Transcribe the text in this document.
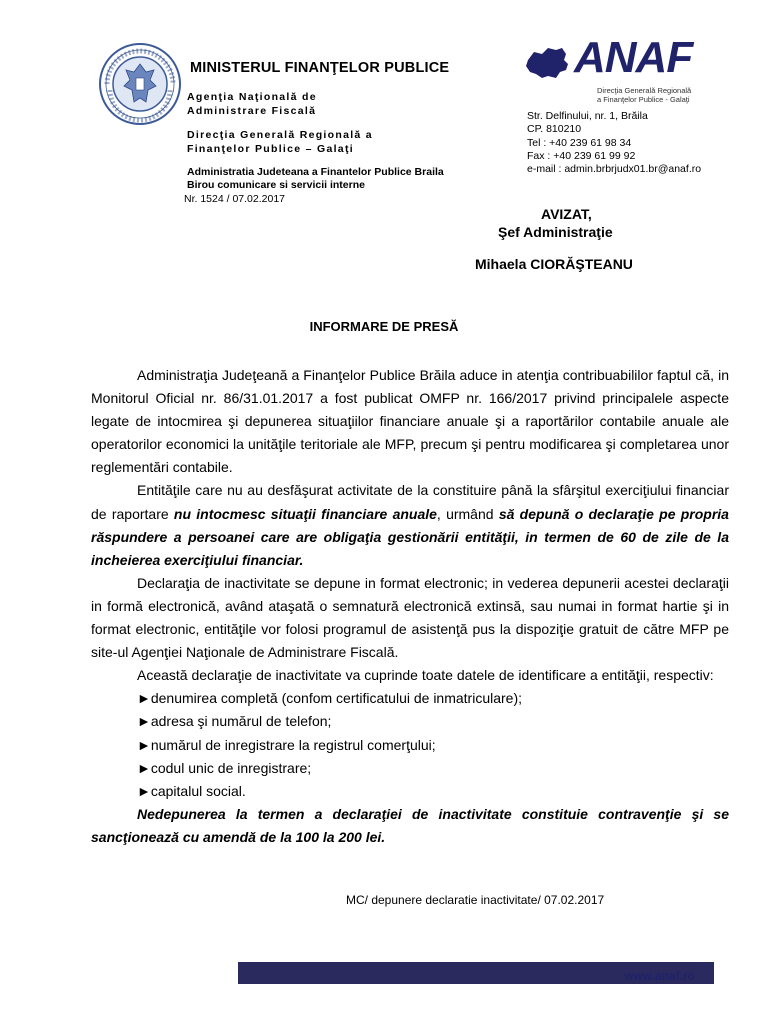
MINISTERUL FINANŢELOR PUBLICE
Agenţia Naţională de
Administrare Fiscală
Direcţia Generală Regională a
Finanţelor Publice – Galaţi
Administratia Judeteana a Finantelor Publice Braila
Birou comunicare si servicii interne
Nr. 1524 / 07.02.2017
ANAF
Direcţia Generală Regională
a Finanţelor Publice - Galaţi
Str. Delfinului, nr. 1, Brăila
CP. 810210
Tel : +40 239 61 98 34
Fax : +40 239 61 99 92
e-mail : admin.brbrjudx01.br@anaf.ro
AVIZAT,
Şef Administraţie
Mihaela CIORĂŞTEANU
INFORMARE DE PRESĂ

Administraţia Judeţeană a Finanţelor Publice Brăila aduce in atenţia contribuabililor faptul că, in Monitorul Oficial nr. 86/31.01.2017 a fost publicat OMFP nr. 166/2017 privind principalele aspecte legate de intocmirea şi depunerea situaţiilor financiare anuale şi a raportărilor contabile anuale ale operatorilor economici la unităţile teritoriale ale MFP, precum şi pentru modificarea şi completarea unor reglementări contabile.

Entităţile care nu au desfăşurat activitate de la constituire până la sfârşitul exerciţiului financiar de raportare nu intocmesc situaţii financiare anuale, urmând să depună o declaraţie pe propria răspundere a persoanei care are obligaţia gestionării entităţii, in termen de 60 de zile de la incheierea exerciţiului financiar.

Declaraţia de inactivitate se depune in format electronic; in vederea depunerii acestei declaraţii in formă electronică, având ataşată o semnatură electronică extinsă, sau numai in format hartie şi in format electronic, entităţile vor folosi programul de asistenţă pus la dispoziţie gratuit de către MFP pe site-ul Agenţiei Naţionale de Administrare Fiscală.

Această declaraţie de inactivitate va cuprinde toate datele de identificare a entităţii, respectiv:

►denumirea completă (confom certificatului de inmatriculare);

►adresa şi numărul de telefon;

►numărul de inregistrare la registrul comerţului;

►codul unic de inregistrare;

►capitalul social.

Nedepunerea la termen a declaraţiei de inactivitate constituie contravenţie şi se sancţionează cu amendă de la 100 la 200 lei.

MC/ depunere declaratie inactivitate/ 07.02.2017
www.anaf.ro
